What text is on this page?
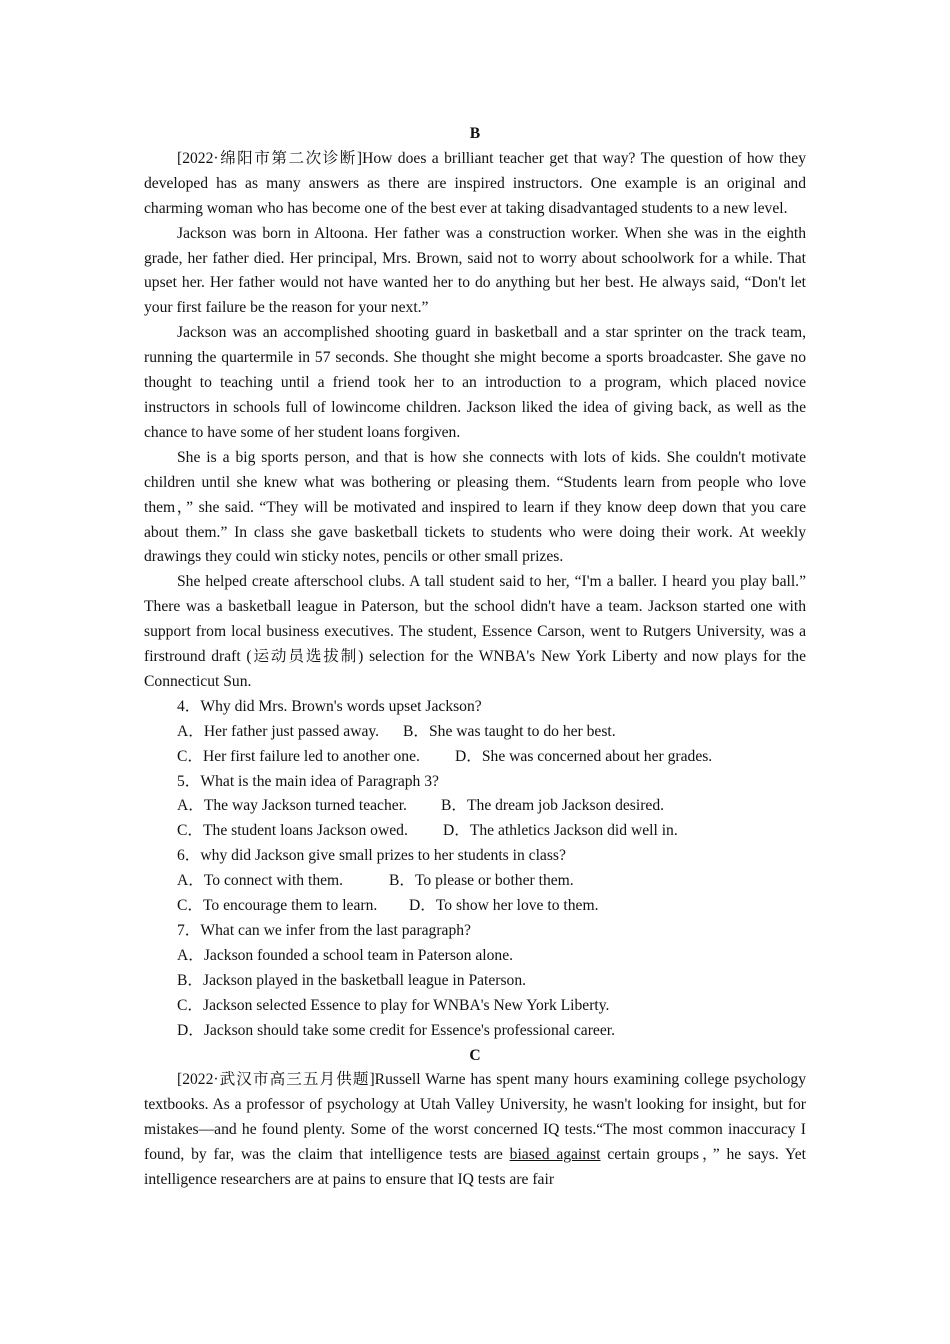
B

[2022·绵阳市第二次诊断]How does a brilliant teacher get that way? The question of how they developed has as many answers as there are inspired instructors. One example is an original and charming woman who has become one of the best ever at taking disadvantaged students to a new level.

Jackson was born in Altoona. Her father was a construction worker. When she was in the eighth grade, her father died. Her principal, Mrs. Brown, said not to worry about schoolwork for a while. That upset her. Her father would not have wanted her to do anything but her best. He always said, “Don't let your first failure be the reason for your next.”

Jackson was an accomplished shooting guard in basketball and a star sprinter on the track team, running the quartermile in 57 seconds. She thought she might become a sports broadcaster. She gave no thought to teaching until a friend took her to an introduction to a program, which placed novice instructors in schools full of lowincome children. Jackson liked the idea of giving back, as well as the chance to have some of her student loans forgiven.

She is a big sports person, and that is how she connects with lots of kids. She couldn't motivate children until she knew what was bothering or pleasing them. “Students learn from people who love them，” she said. “They will be motivated and inspired to learn if they know deep down that you care about them.” In class she gave basketball tickets to students who were doing their work. At weekly drawings they could win sticky notes, pencils or other small prizes.

She helped create afterschool clubs. A tall student said to her, “I'm a baller. I heard you play ball.” There was a basketball league in Paterson, but the school didn't have a team. Jackson started one with support from local business executives. The student, Essence Carson, went to Rutgers University, was a firstround draft (运动员选拔制) selection for the WNBA's New York Liberty and now plays for the Connecticut Sun.

4．Why did Mrs. Brown's words upset Jackson?

A．Her father just passed away. B．She was taught to do her best.

C．Her first failure led to another one. D．She was concerned about her grades.

5．What is the main idea of Paragraph 3?

A．The way Jackson turned teacher. B．The dream job Jackson desired.

C．The student loans Jackson owed. D．The athletics Jackson did well in.

6．why did Jackson give small prizes to her students in class?

A．To connect with them.	B．To please or bother them.

C．To encourage them to learn. D．To show her love to them.

7．What can we infer from the last paragraph?

A．Jackson founded a school team in Paterson alone.

B．Jackson played in the basketball league in Paterson.

C．Jackson selected Essence to play for WNBA's New York Liberty.

D．Jackson should take some credit for Essence's professional career.

C

[2022·武汉市高三五月供题]Russell Warne has spent many hours examining college psychology textbooks. As a professor of psychology at Utah Valley University, he wasn't looking for insight, but for mistakes—and he found plenty. Some of the worst concerned IQ tests.“The most common inaccuracy I found, by far, was the claim that intelligence tests are biased against certain groups，” he says. Yet intelligence researchers are at pains to ensure that IQ tests are fair
